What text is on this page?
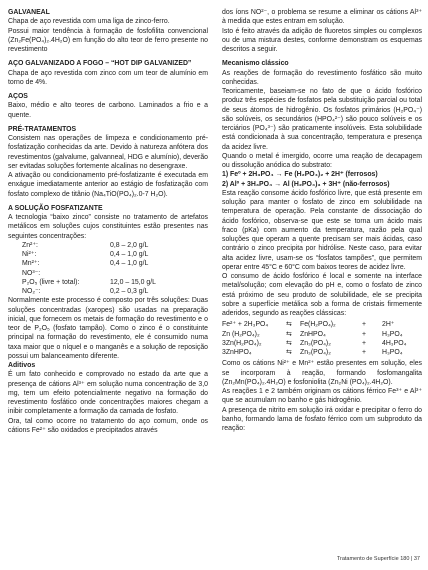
GALVANEAL

Chapa de aço revestida com uma liga de zinco-ferro.

Possui maior tendência à formação de fosfofilita convencional (Zn₂Fe(PO₄)₂.4H₂O) em função do alto teor de ferro presente no revestimento

AÇO GALVANIZADO A FOGO – “HOT DIP GALVANIZED”

Chapa de aço revestida com zinco com um teor de alumínio em torno de 4%.

AÇOS

Baixo, médio e alto teores de carbono. Laminados a frio e a quente.

PRÉ-TRATAMENTOS

Consistem nas operações de limpeza e condicionamento pré-fosfatização conhecidas da arte. Devido à natureza anfótera dos revestimentos (galvalume, galvanneal, HDG e alumínio), deverão ser evitadas soluções fortemente alcalinas no desengraxe.

A ativação ou condicionamento pré-fosfatizante é executada em enxágue imediatamente anterior ao estágio de fosfatização com fosfato complexo de titânio (Na₄TiO(PO₄)₂.0-7 H₂O).

A SOLUÇÃO FOSFATIZANTE

A tecnologia “baixo zinco” consiste no tratamento de artefatos metálicos em soluções cujos constituintes estão presentes nas seguintes concentrações:

Zn²⁺:	0,8 – 2,0 g/L
Ni²⁺:	0,4 – 1,0 g/L
Mn²⁺:	0,4 – 1,0 g/L
NO³⁻:
P₂O₅ (livre + total):	12,0 – 15,0 g/L
NO₂⁻:	0,2 – 0,3 g/L

Normalmente este processo é composto por três soluções: Duas soluções concentradas (xaropes) são usadas na preparação inicial, que fornecem os metais de formação do revestimento e o teor de P₂O₅ (fosfato tampão). Como o zinco é o constituinte principal na formação do revestimento, ele é consumido numa taxa maior que o níquel e o manganês e a solução de reposição possui um balanceamento diferente.

Aditivos

É um fato conhecido e comprovado no estado da arte que a presença de cátions Al³⁺ em solução numa concentração de 3,0 mg, tem um efeito potencialmente negativo na formação do revestimento fosfático onde concentrações maiores chegam a inibir completamente a formação da camada de fosfato.

Ora, tal como ocorre no tratamento do aço comum, onde os cátions Fe²⁺ são oxidados e precipitados através

dos íons NO²⁻, o problema se resume a eliminar os cátions Al³⁺ à medida que estes entram em solução.

Isto é feito através da adição de fluoretos simples ou complexos ou de uma mistura destes, conforme demonstram os esquemas descritos a seguir.

Mecanismo clássico

As reações de formação do revestimento fosfático são muito conhecidas.

Teoricamente, baseiam-se no fato de que o ácido fosfórico produz três espécies de fosfatos pela substituição parcial ou total de seus átomos de hidrogênio. Os fosfatos primários (H₂PO₄⁻) são solúveis, os secundários (HPO₄²⁻) são pouco solúveis e os terciários (PO₄³⁻) são praticamente insolúveis. Esta solubilidade está condicionada à sua concentração, temperatura e presença da acidez livre.

Quando o metal é imergido, ocorre uma reação de decapagem ou dissolução anódica do substrato:

1) Feº + 2H₃PO₄ → Fe (H₂PO₄)₂ + 2H⁺ (ferrosos)

2) Alº + 3H₃PO₄ → Al (H₂PO₄)₃ + 3H⁺ (não-ferrosos)

Esta reação consome ácido fosfórico livre, que está presente em solução para manter o fosfato de zinco em solubilidade na temperatura de operação. Pela constante de dissociação do ácido fosfórico, observa-se que este se torna um ácido mais fraco (pKa) com aumento da temperatura, razão pela qual soluções que operam a quente precisam ser mais ácidas, caso contrário o zinco precipita por hidrólise. Neste caso, para evitar alta acidez livre, usam-se os “fosfatos tampões”, que permitem operar entre 45°C e 60°C com baixos teores de acidez livre.

O consumo de ácido fosfórico é local e somente na interface metal/solução; com elevação do pH e, como o fosfato de zinco está próximo de seu produto de solubilidade, ele se precipita sobre a superfície metálica sob a forma de cristais firmemente aderidos, segundo as reações clássicas:

Fe²⁺ + 2H₃PO₄	⇆	Fe(H₂PO₄)₂	+	2H⁺
Zn (H₂PO₄)₂	⇆	ZnHPO₄	+	H₃PO₄
3Zn(H₂PO₄)₂	⇆	Zn₃(PO₄)₂	+	4H₃PO₄
3ZnHPO₄	⇆	Zn₃(PO₄)₂	+	H₃PO₄

Como os cátions Ni²⁺ e Mn²⁺ estão presentes em solução, eles se incorporam à reação, formando fosfomangalita (Zn₂Mn(PO₄)₂.4H₂O) e fosfoniolita (Zn₂Ni (PO₄)₂.4H₂O).

As reações 1 e 2 também originam os cátions férrico Fe³⁺ e Al³⁺ que se acumulam no banho e gás hidrogênio.

A presença de nitrito em solução irá oxidar e precipitar o ferro do banho, formando lama de fosfato férrico com um subproduto da reação:

Tratamento de Superfície 180 | 37
